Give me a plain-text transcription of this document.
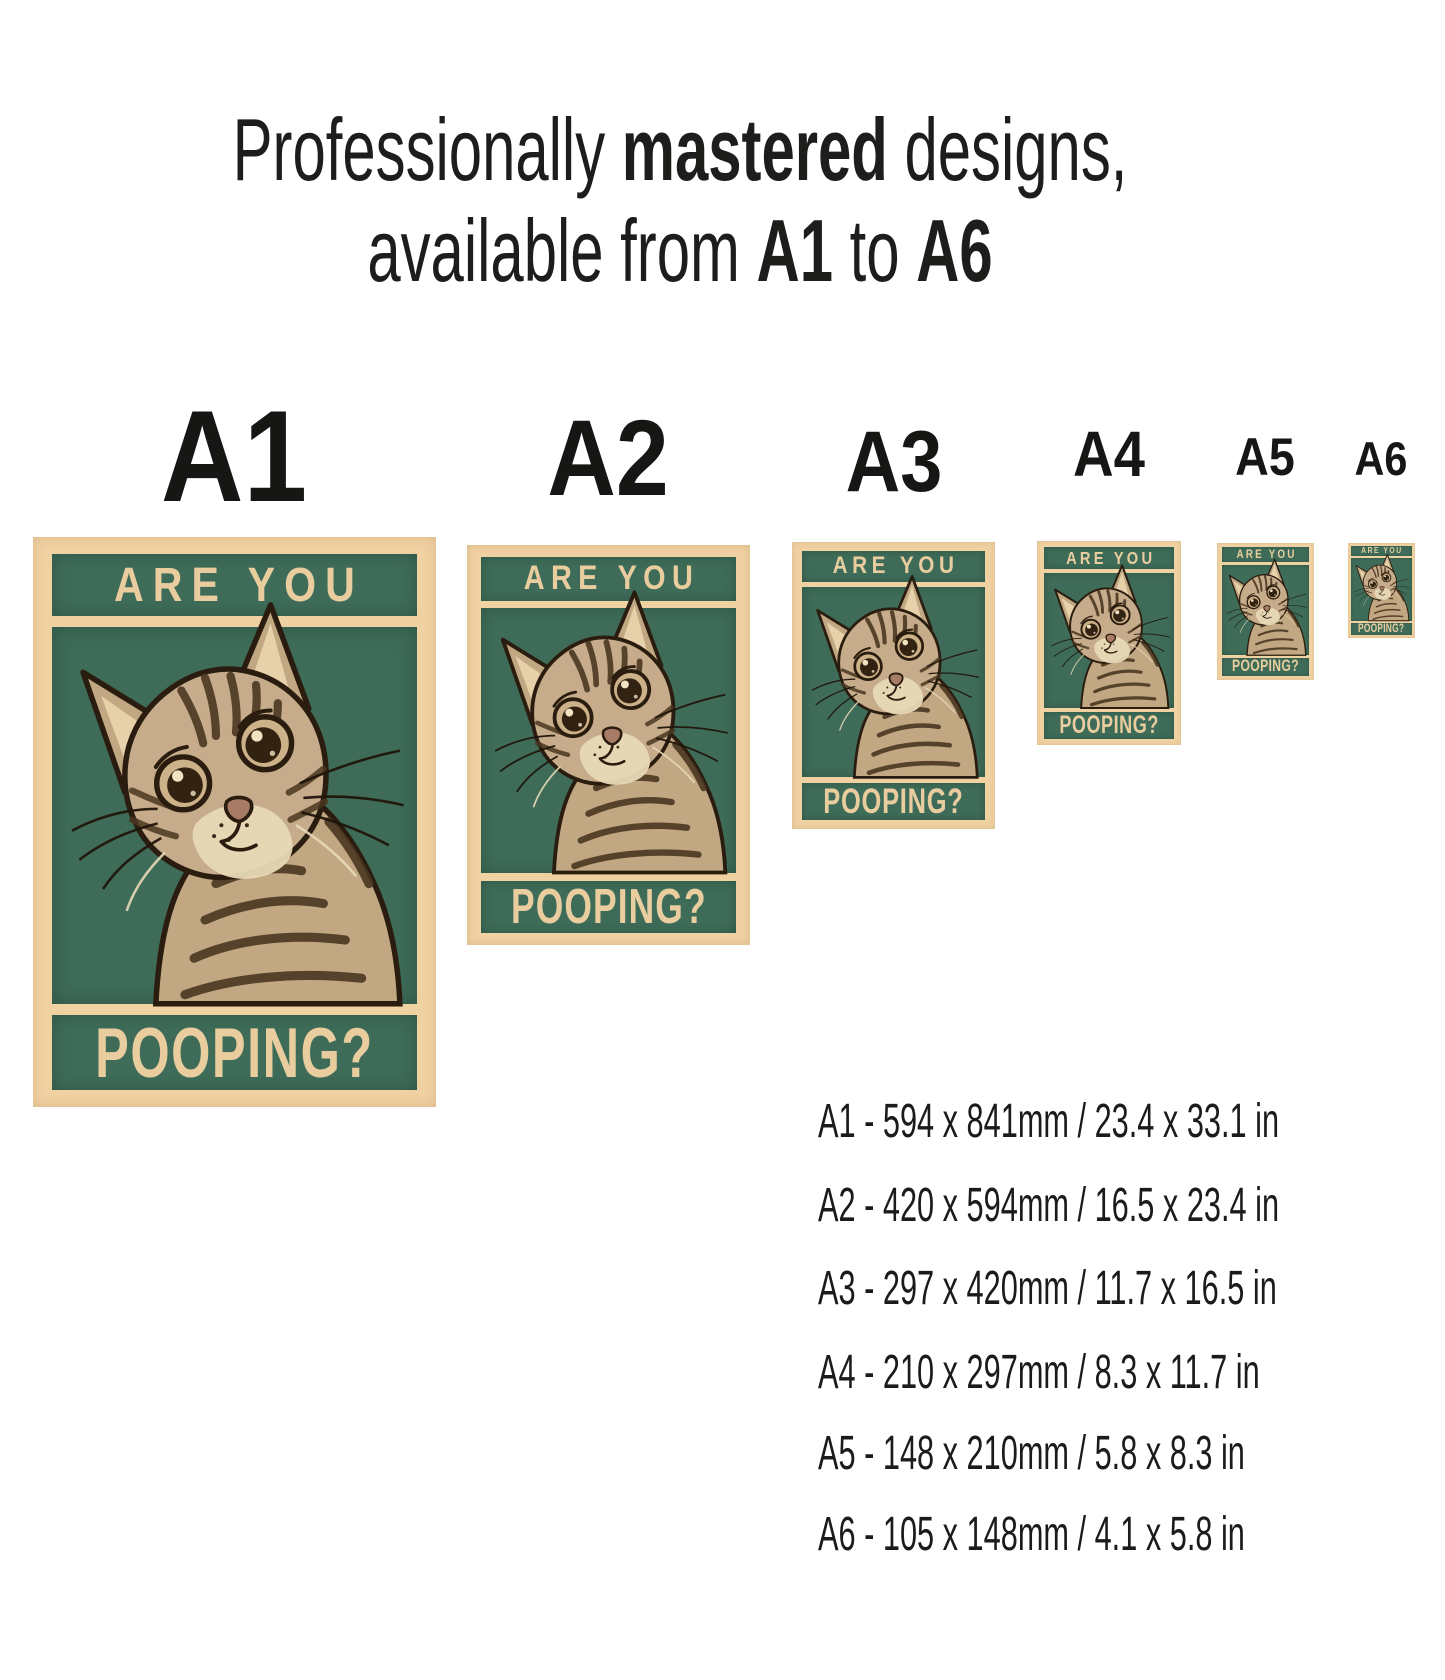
Professionally mastered designs,
available from A1 to A6
A1 A2 A3 A4 A5 A6
ARE YOU
POOPING?
ARE YOU
POOPING?
ARE YOU
POOPING?
ARE YOU
POOPING?
ARE YOU
POOPING?
ARE YOU
POOPING?
A1 - 594 x 841mm / 23.4 x 33.1 in
A2 - 420 x 594mm / 16.5 x 23.4 in
A3 - 297 x 420mm / 11.7 x 16.5 in
A4 - 210 x 297mm / 8.3 x 11.7 in
A5 - 148 x 210mm / 5.8 x 8.3 in
A6 - 105 x 148mm / 4.1 x 5.8 in
